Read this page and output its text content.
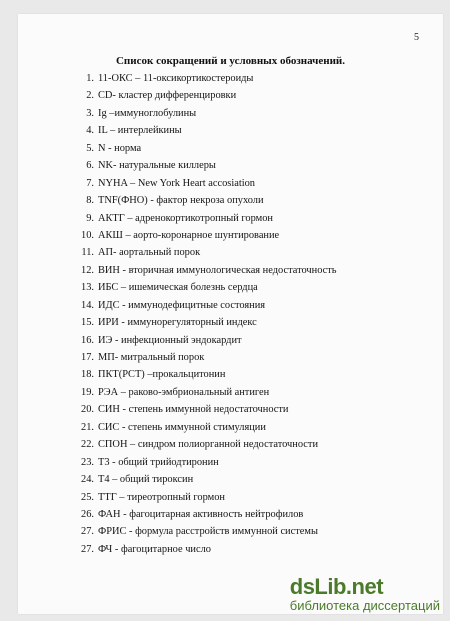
5
Список сокращений и условных обозначений.
1. 11-ОКС – 11-оксикортикостероиды
2. CD- кластер дифференцировки
3. Ig –иммуноглобулины
4. IL – интерлейкины
5. N - норма
6. NK- натуральные киллеры
7. NYHA – New York Heart accosiation
8. TNF(ФНО) - фактор некроза опухоли
9. АКТГ – адренокортикотропный гормон
10. АКШ – аорто-коронарное шунтирование
11. АП- аортальный порок
12. ВИН - вторичная иммунологическая недостаточность
13. ИБС – ишемическая болезнь сердца
14. ИДС - иммунодефицитные состояния
15. ИРИ - иммунорегуляторный индекс
16. ИЭ - инфекционный эндокардит
17. МП- митральный порок
18. ПКТ(PCT) –прокальцитонин
19. РЭА – раково-эмбриональный антиген
20. СИН - степень иммунной недостаточности
21. СИС - степень иммунной стимуляции
22. СПОН – синдром полиорганной недостаточности
23. Т3 - общий трийодтиронин
24. Т4 – общий тироксин
25. ТТГ – тиреотропный гормон
26. ФАН - фагоцитарная активность нейтрофилов
27. ФРИС - формула расстройств иммунной системы
27. ФЧ - фагоцитарное число
dsLib.net
библиотека диссертаций
